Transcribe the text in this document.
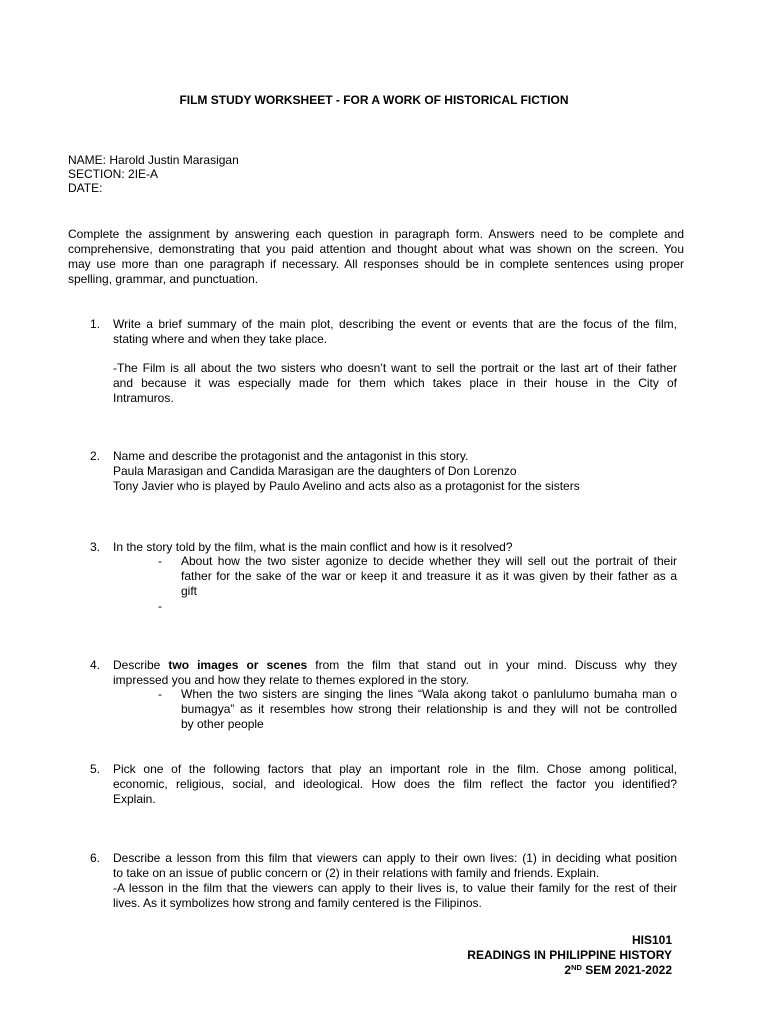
FILM STUDY WORKSHEET - FOR A WORK OF HISTORICAL FICTION
NAME: Harold Justin Marasigan
SECTION: 2IE-A
DATE:
Complete the assignment by answering each question in paragraph form. Answers need to be complete and
comprehensive, demonstrating that you paid attention and thought about what was shown on the screen. You
may use more than one paragraph if necessary. All responses should be in complete sentences using proper
spelling, grammar, and punctuation.
1. Write a brief summary of the main plot, describing the event or events that are the focus of the film,
stating where and when they take place.
-The Film is all about the two sisters who doesn’t want to sell the portrait or the last art of their father
and because it was especially made for them which takes place in their house in the City of
Intramuros.
2. Name and describe the protagonist and the antagonist in this story.
Paula Marasigan and Candida Marasigan are the daughters of Don Lorenzo
Tony Javier who is played by Paulo Avelino and acts also as a protagonist for the sisters
3. In the story told by the film, what is the main conflict and how is it resolved?
- About how the two sister agonize to decide whether they will sell out the portrait of their
father for the sake of the war or keep it and treasure it as it was given by their father as a
gift
-
4. Describe two images or scenes from the film that stand out in your mind. Discuss why they
impressed you and how they relate to themes explored in the story.
- When the two sisters are singing the lines “Wala akong takot o panlulumo bumaha man o
bumagya” as it resembles how strong their relationship is and they will not be controlled
by other people
5. Pick one of the following factors that play an important role in the film. Chose among political,
economic, religious, social, and ideological. How does the film reflect the factor you identified?
Explain.
6. Describe a lesson from this film that viewers can apply to their own lives: (1) in deciding what position
to take on an issue of public concern or (2) in their relations with family and friends. Explain.
-A lesson in the film that the viewers can apply to their lives is, to value their family for the rest of their
lives. As it symbolizes how strong and family centered is the Filipinos.
HIS101
READINGS IN PHILIPPINE HISTORY
2ND SEM 2021-2022
